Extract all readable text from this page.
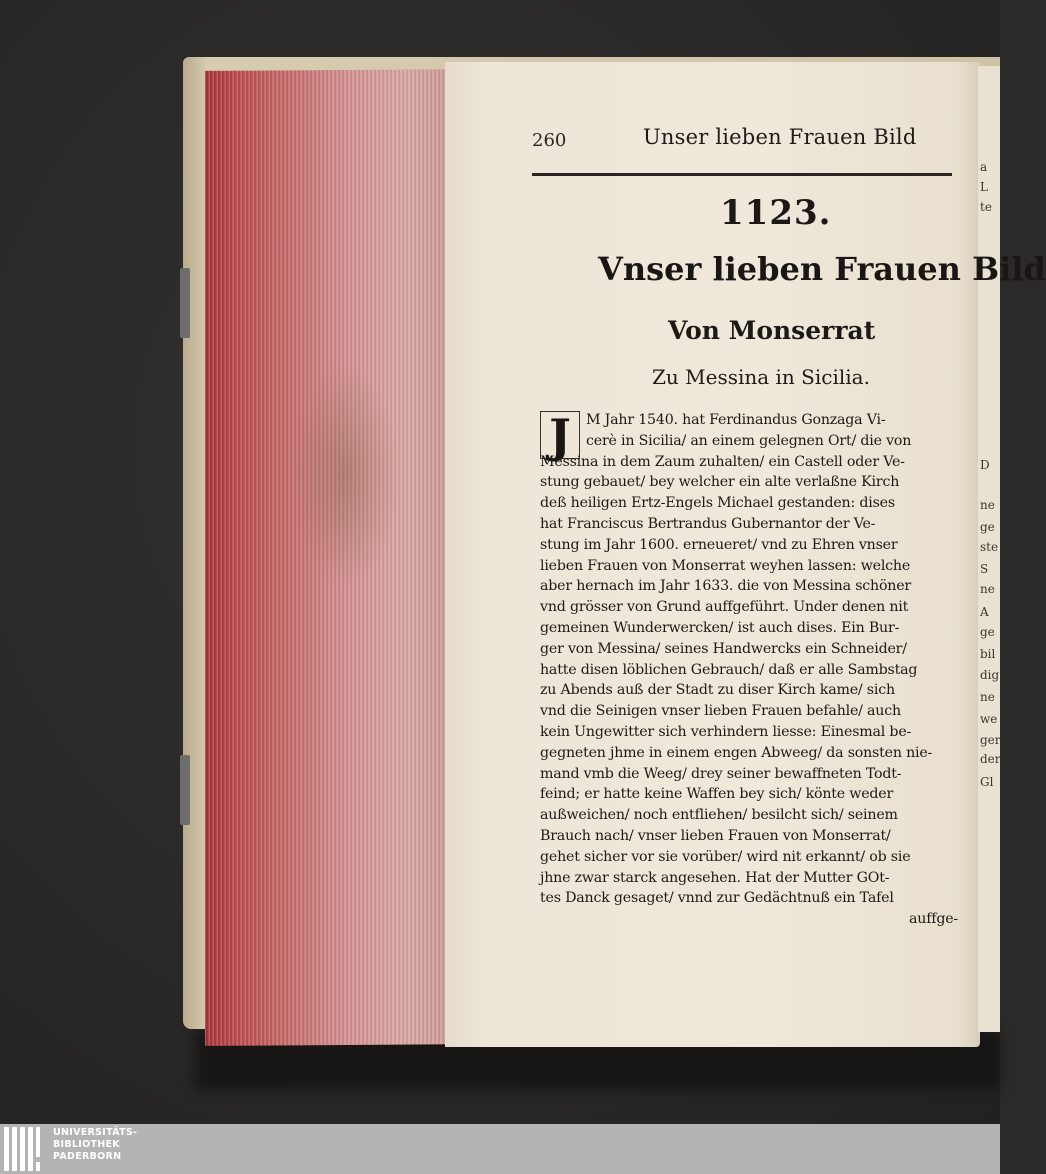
a
L
te
D
ne
ge
ste
S
ne
A
ge
bil
dig
ne
we
ger
der
Gl
260	Unser lieben Frauen Bild
1123.
Vnser lieben Frauen Bild
Von Monserrat
Zu Messina in Sicilia.
J	M Jahr 1540. hat Ferdinandus Gonzaga Vi-
cerè in Sicilia/ an einem gelegnen Ort/ die von
Messina in dem Zaum zuhalten/ ein Castell oder Ve-
stung gebauet/ bey welcher ein alte verlaßne Kirch
deß heiligen Ertz-Engels Michael gestanden: dises
hat Franciscus Bertrandus Gubernantor der Ve-
stung im Jahr 1600. erneueret/ vnd zu Ehren vnser
lieben Frauen von Monserrat weyhen lassen: welche
aber hernach im Jahr 1633. die von Messina schöner
vnd grösser von Grund auffgeführt. Under denen nit
gemeinen Wunderwercken/ ist auch dises. Ein Bur-
ger von Messina/ seines Handwercks ein Schneider/
hatte disen löblichen Gebrauch/ daß er alle Sambstag
zu Abends auß der Stadt zu diser Kirch kame/ sich
vnd die Seinigen vnser lieben Frauen befahle/ auch
kein Ungewitter sich verhindern liesse: Einesmal be-
gegneten jhme in einem engen Abweeg/ da sonsten nie-
mand vmb die Weeg/ drey seiner bewaffneten Todt-
feind; er hatte keine Waffen bey sich/ könte weder
außweichen/ noch entfliehen/ besilcht sich/ seinem
Brauch nach/ vnser lieben Frauen von Monserrat/
gehet sicher vor sie vorüber/ wird nit erkannt/ ob sie
jhne zwar starck angesehen. Hat der Mutter GOt-
tes Danck gesaget/ vnnd zur Gedächtnuß ein Tafel
auffge-
UNIVERSITÄTS-
BIBLIOTHEK
PADERBORN
